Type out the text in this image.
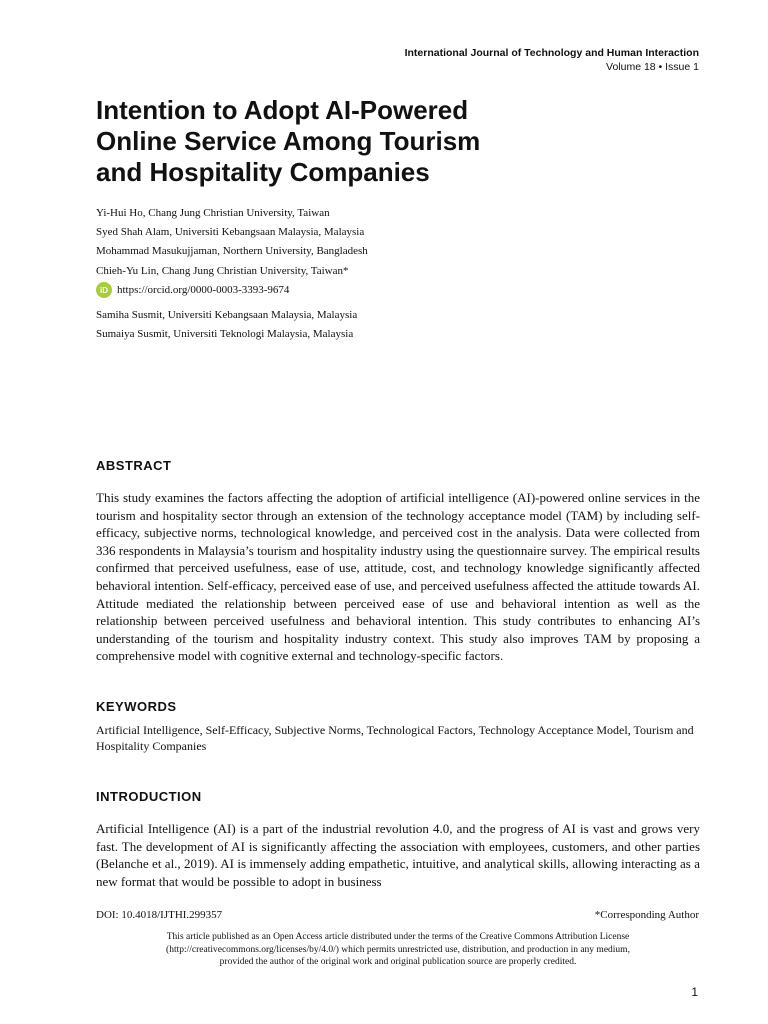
International Journal of Technology and Human Interaction
Volume 18 • Issue 1
Intention to Adopt AI-Powered
Online Service Among Tourism
and Hospitality Companies
Yi-Hui Ho, Chang Jung Christian University, Taiwan
Syed Shah Alam, Universiti Kebangsaan Malaysia, Malaysia
Mohammad Masukujjaman, Northern University, Bangladesh
Chieh-Yu Lin, Chang Jung Christian University, Taiwan*
iD https://orcid.org/0000-0003-3393-9674
Samiha Susmit, Universiti Kebangsaan Malaysia, Malaysia
Sumaiya Susmit, Universiti Teknologi Malaysia, Malaysia
ABSTRACT
This study examines the factors affecting the adoption of artificial intelligence (AI)-powered online services in the tourism and hospitality sector through an extension of the technology acceptance model (TAM) by including self-efficacy, subjective norms, technological knowledge, and perceived cost in the analysis. Data were collected from 336 respondents in Malaysia’s tourism and hospitality industry using the questionnaire survey. The empirical results confirmed that perceived usefulness, ease of use, attitude, cost, and technology knowledge significantly affected behavioral intention. Self-efficacy, perceived ease of use, and perceived usefulness affected the attitude towards AI. Attitude mediated the relationship between perceived ease of use and behavioral intention as well as the relationship between perceived usefulness and behavioral intention. This study contributes to enhancing AI’s understanding of the tourism and hospitality industry context. This study also improves TAM by proposing a comprehensive model with cognitive external and technology-specific factors.
KEYWORDS
Artificial Intelligence, Self-Efficacy, Subjective Norms, Technological Factors, Technology Acceptance Model, Tourism and Hospitality Companies
INTRODUCTION
Artificial Intelligence (AI) is a part of the industrial revolution 4.0, and the progress of AI is vast and grows very fast. The development of AI is significantly affecting the association with employees, customers, and other parties (Belanche et al., 2019). AI is immensely adding empathetic, intuitive, and analytical skills, allowing interacting as a new format that would be possible to adopt in business
DOI: 10.4018/IJTHI.299357	*Corresponding Author
This article published as an Open Access article distributed under the terms of the Creative Commons Attribution License
(http://creativecommons.org/licenses/by/4.0/) which permits unrestricted use, distribution, and production in any medium,
provided the author of the original work and original publication source are properly credited.
1
